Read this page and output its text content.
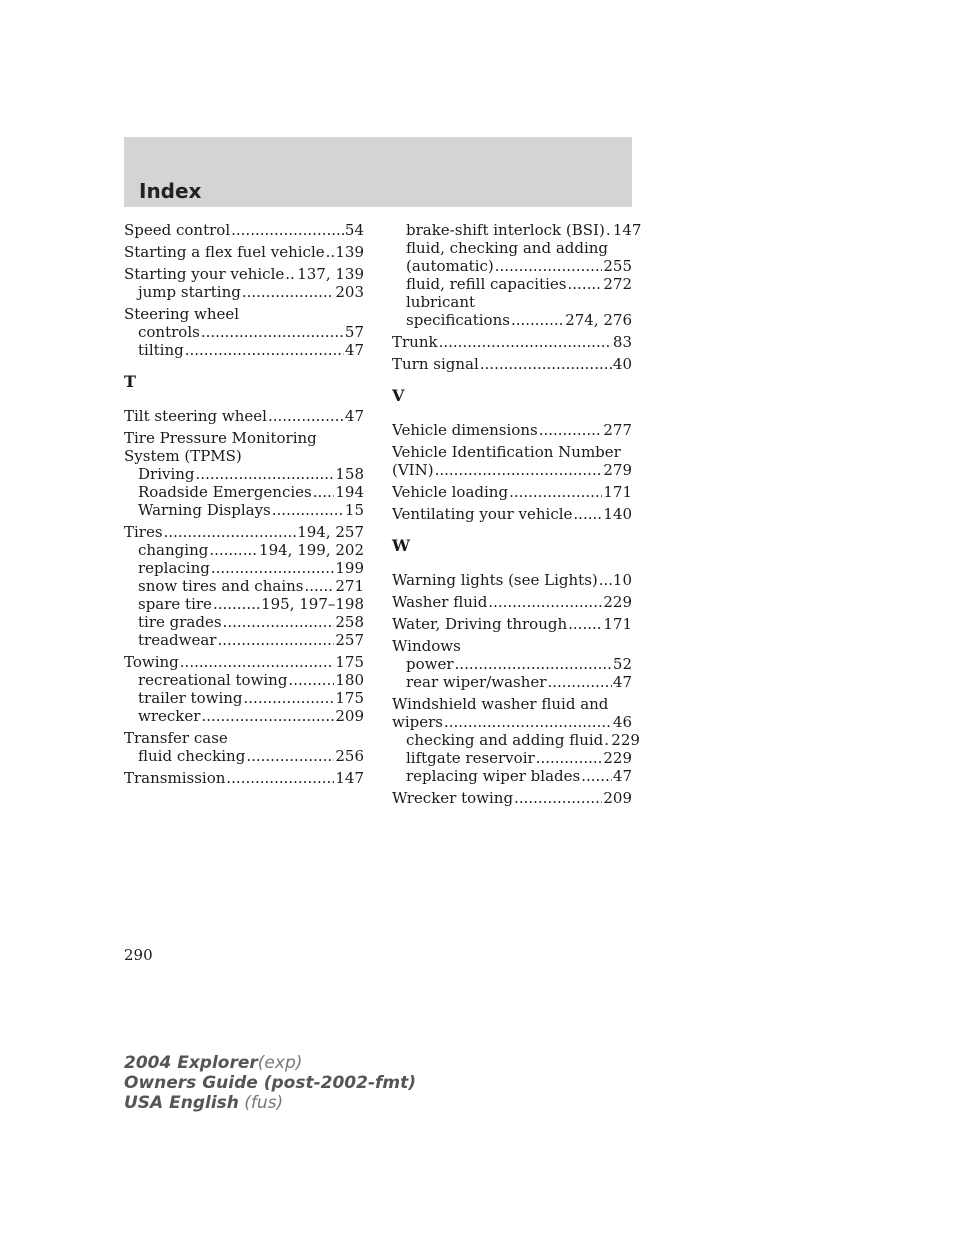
Index
Speed control .....	54
Starting a flex fuel vehicle ..... 139
Starting your vehicle ..... 137, 139
jump starting .....	203
Steering wheel
controls .....	57
tilting .....	47
T
Tilt steering wheel .....	47
Tire Pressure Monitoring
System (TPMS)
Driving .....	158
Roadside Emergencies ..... 194
Warning Displays .....	15
Tires .....	194, 257
changing .....	194, 199, 202
replacing .....	199
snow tires and chains ..... 271
spare tire .....	195, 197–198
tire grades .....	258
treadwear .....	257
Towing .....	175
recreational towing .....	180
trailer towing .....	175
wrecker .....	209
Transfer case
fluid checking .....	256
Transmission .....	147
brake-shift interlock (BSI) ..... 147
fluid, checking and adding
(automatic) .....	255
fluid, refill capacities ..... 272
lubricant
specifications .....	274, 276
Trunk .....	83
Turn signal .....	40
V
Vehicle dimensions .....	277
Vehicle Identification Number
(VIN) .....	279
Vehicle loading .....	171
Ventilating your vehicle ..... 140
W
Warning lights (see Lights) ..... 10
Washer fluid .....	229
Water, Driving through ..... 171
Windows
power .....	52
rear wiper/washer .....	47
Windshield washer fluid and
wipers .....	46
checking and adding fluid ..... 229
liftgate reservoir .....	229
replacing wiper blades ..... 47
Wrecker towing .....	209
290
2004 Explorer(exp)
Owners Guide (post-2002-fmt)
USA English (fus)
